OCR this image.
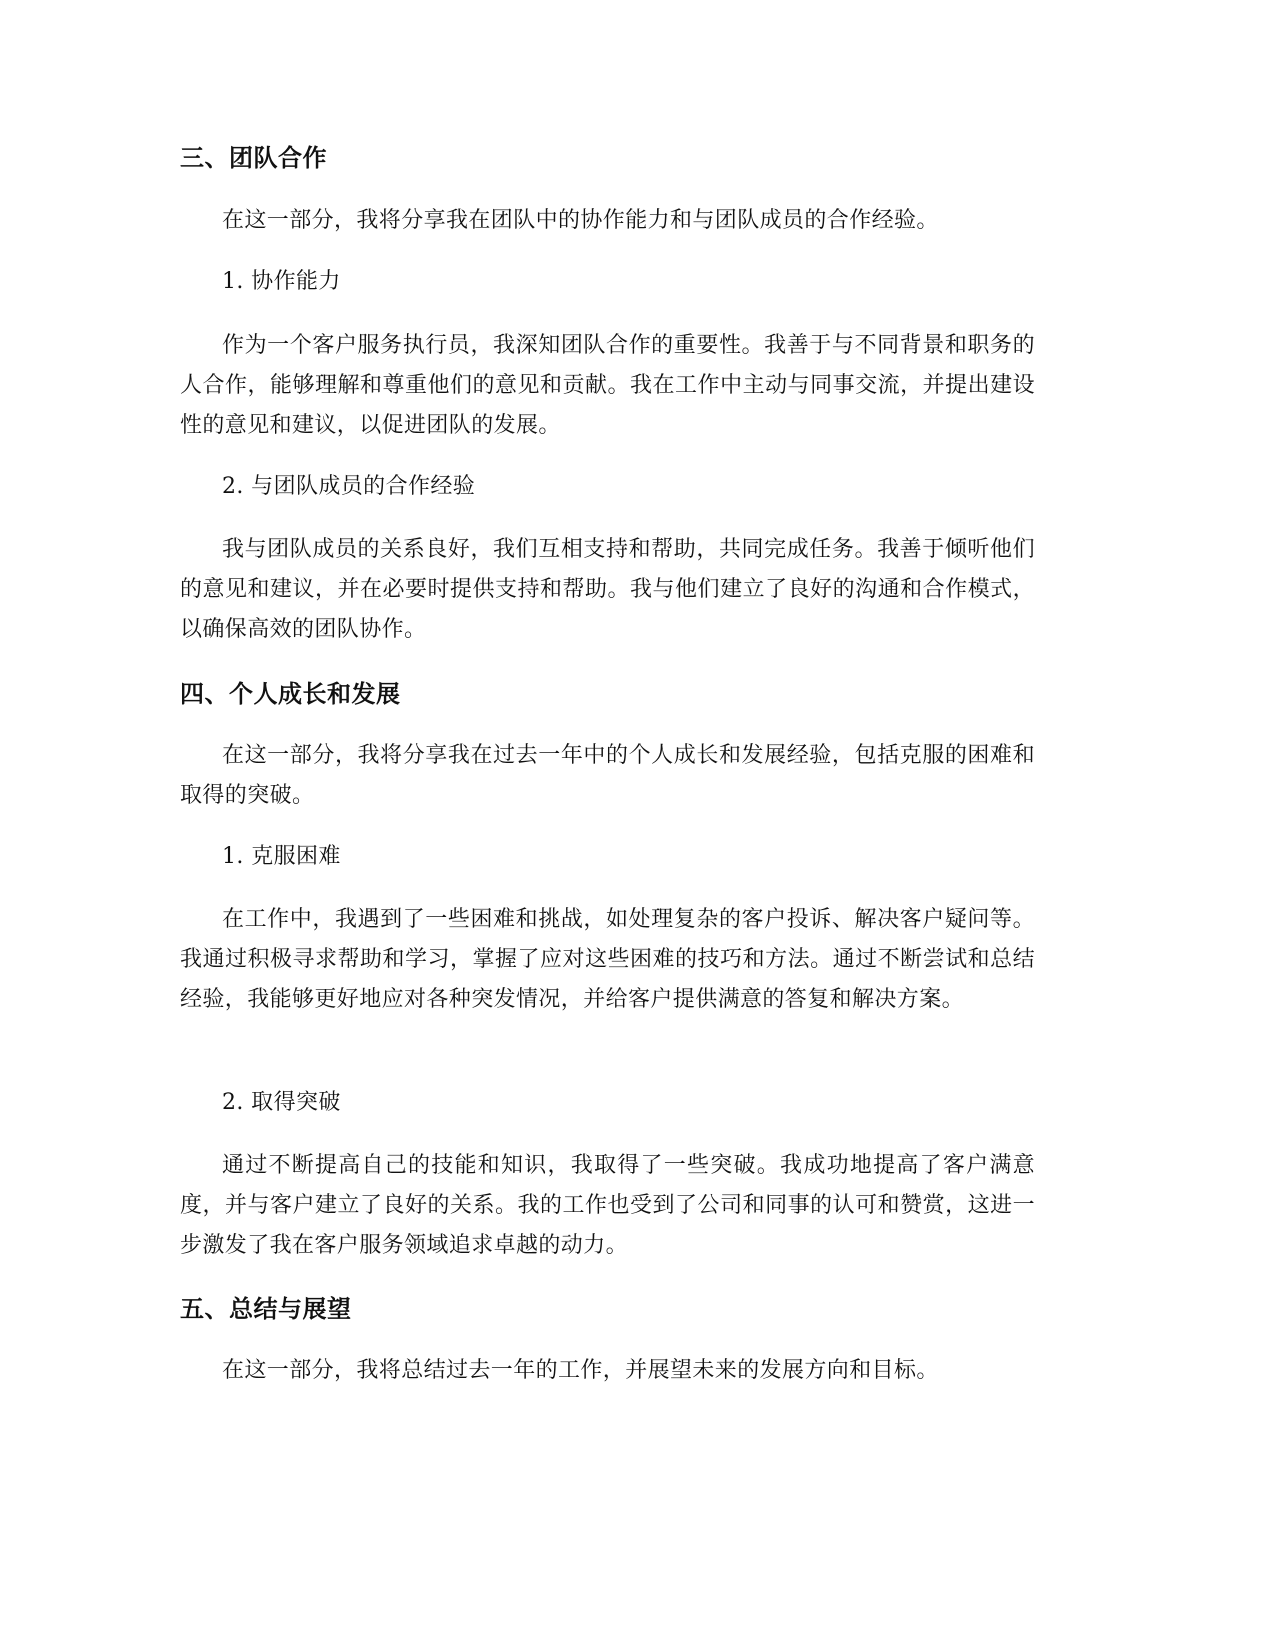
三、团队合作
在这一部分，我将分享我在团队中的协作能力和与团队成员的合作经验。
1. 协作能力
作为一个客户服务执行员，我深知团队合作的重要性。我善于与不同背景和职务的人合作，能够理解和尊重他们的意见和贡献。我在工作中主动与同事交流，并提出建设性的意见和建议，以促进团队的发展。
2. 与团队成员的合作经验
我与团队成员的关系良好，我们互相支持和帮助，共同完成任务。我善于倾听他们的意见和建议，并在必要时提供支持和帮助。我与他们建立了良好的沟通和合作模式，以确保高效的团队协作。
四、个人成长和发展
在这一部分，我将分享我在过去一年中的个人成长和发展经验，包括克服的困难和取得的突破。
1. 克服困难
在工作中，我遇到了一些困难和挑战，如处理复杂的客户投诉、解决客户疑问等。我通过积极寻求帮助和学习，掌握了应对这些困难的技巧和方法。通过不断尝试和总结经验，我能够更好地应对各种突发情况，并给客户提供满意的答复和解决方案。
2. 取得突破
通过不断提高自己的技能和知识，我取得了一些突破。我成功地提高了客户满意度，并与客户建立了良好的关系。我的工作也受到了公司和同事的认可和赞赏，这进一步激发了我在客户服务领域追求卓越的动力。
五、总结与展望
在这一部分，我将总结过去一年的工作，并展望未来的发展方向和目标。
